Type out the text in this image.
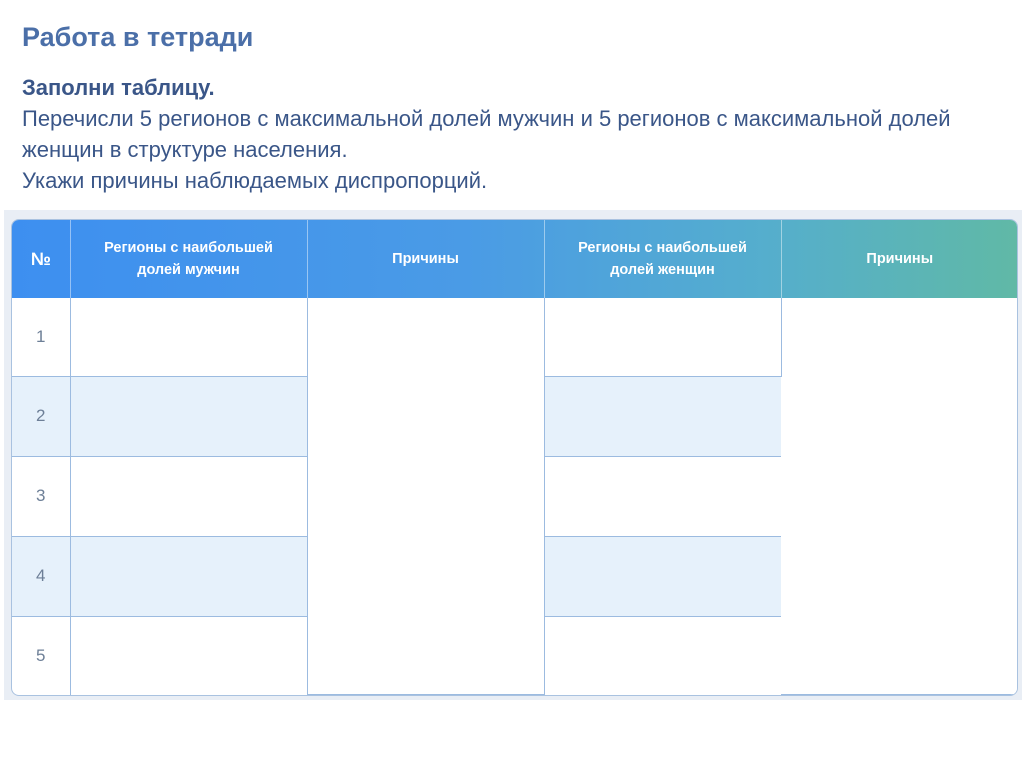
Работа в тетради
Заполни таблицу.
Перечисли 5 регионов с максимальной долей мужчин и 5 регионов с максимальной долей женщин в структуре населения.
Укажи причины наблюдаемых диспропорций.
№	Регионы с наибольшей долей мужчин	Причины	Регионы с наибольшей долей женщин	Причины
1				
2				
3				
4				
5				
